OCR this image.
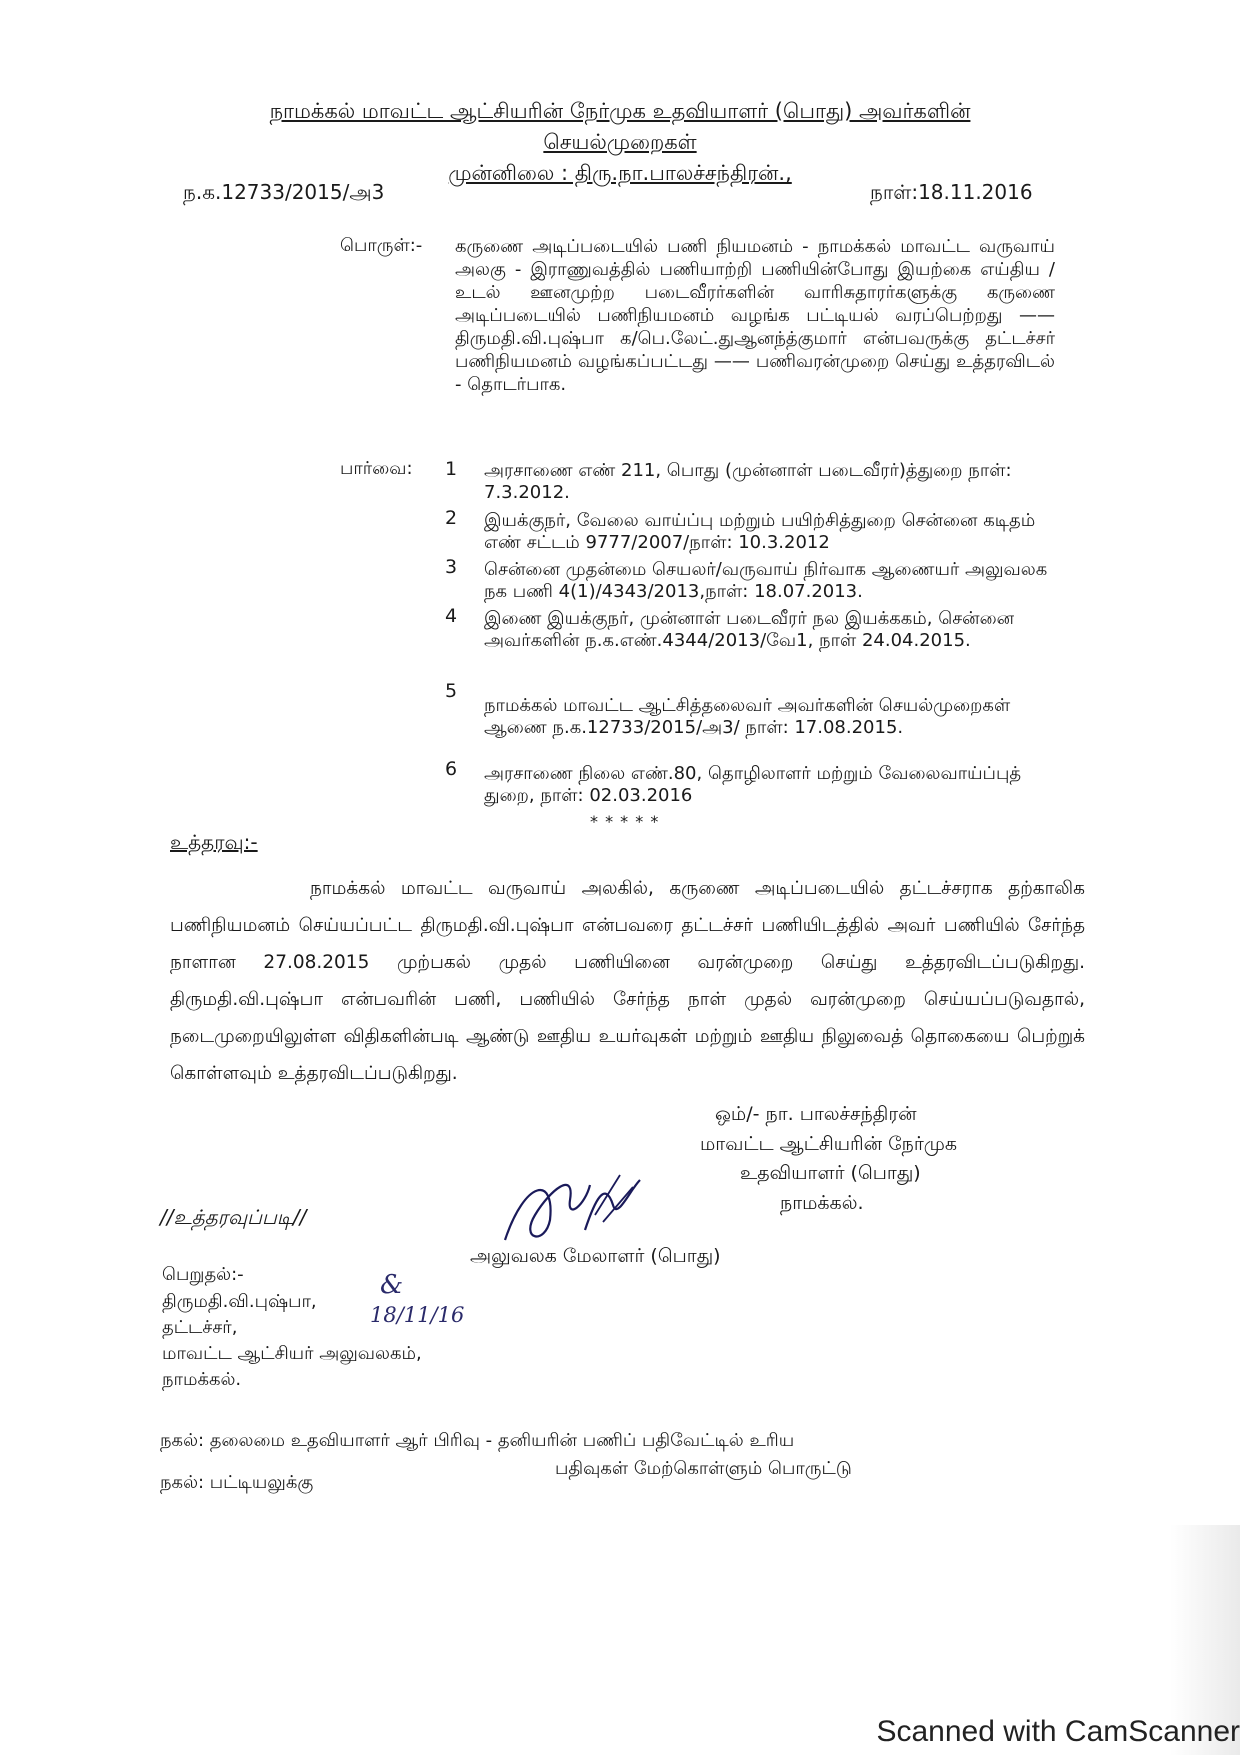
நாமக்கல் மாவட்ட ஆட்சியரின் நேர்முக உதவியாளர் (பொது) அவர்களின்
செயல்முறைகள்
முன்னிலை : திரு.நா.பாலச்சந்திரன்.,
ந.க.12733/2015/அ3	நாள்:18.11.2016
பொருள்:- கருணை அடிப்படையில் பணி நியமனம் - நாமக்கல் மாவட்ட வருவாய் அலகு - இராணுவத்தில் பணியாற்றி பணியின்போது இயற்கை எய்திய / உடல் ஊனமுற்ற படைவீரர்களின் வாரிசுதாரர்களுக்கு கருணை அடிப்படையில் பணிநியமனம் வழங்க பட்டியல் வரப்பெற்றது —— திருமதி.வி.புஷ்பா க/பெ.லேட்.துஆனந்த்குமார் என்பவருக்கு தட்டச்சர் பணிநியமனம் வழங்கப்பட்டது —— பணிவரன்முறை செய்து உத்தரவிடல் - தொடர்பாக.
பார்வை: 1	அரசாணை எண் 211, பொது (முன்னாள் படைவீரர்)த்துறை நாள்: 7.3.2012.
2	இயக்குநர், வேலை வாய்ப்பு மற்றும் பயிற்சித்துறை சென்னை கடிதம் எண் சட்டம் 9777/2007/நாள்: 10.3.2012
3	சென்னை முதன்மை செயலர்/வருவாய் நிர்வாக ஆணையர் அலுவலக நக பணி 4(1)/4343/2013,நாள்: 18.07.2013.
4	இணை இயக்குநர், முன்னாள் படைவீரர் நல இயக்ககம், சென்னை அவர்களின் ந.க.எண்.4344/2013/வே1, நாள் 24.04.2015.
5
நாமக்கல் மாவட்ட ஆட்சித்தலைவர் அவர்களின் செயல்முறைகள் ஆணை ந.க.12733/2015/அ3/ நாள்: 17.08.2015.
6	அரசாணை நிலை எண்.80, தொழிலாளர் மற்றும் வேலைவாய்ப்புத் துறை, நாள்: 02.03.2016
* * * * *
உத்தரவு:-
நாமக்கல் மாவட்ட வருவாய் அலகில், கருணை அடிப்படையில் தட்டச்சராக தற்காலிக பணிநியமனம் செய்யப்பட்ட திருமதி.வி.புஷ்பா என்பவரை தட்டச்சர் பணியிடத்தில் அவர் பணியில் சேர்ந்த நாளான 27.08.2015 முற்பகல் முதல் பணியினை வரன்முறை செய்து உத்தரவிடப்படுகிறது. திருமதி.வி.புஷ்பா என்பவரின் பணி, பணியில் சேர்ந்த நாள் முதல் வரன்முறை செய்யப்படுவதால், நடைமுறையிலுள்ள விதிகளின்படி ஆண்டு ஊதிய உயர்வுகள் மற்றும் ஊதிய நிலுவைத் தொகையை பெற்றுக் கொள்ளவும் உத்தரவிடப்படுகிறது.
ஒம்/- நா. பாலச்சந்திரன்
மாவட்ட ஆட்சியரின் நேர்முக
உதவியாளர் (பொது)
நாமக்கல்.
//உத்தரவுப்படி//
அலுவலக மேலாளர் (பொது)
பெறுதல்:-
திருமதி.வி.புஷ்பா,
தட்டச்சர்,
மாவட்ட ஆட்சியர் அலுவலகம்,
நாமக்கல்.
&
18/11/16
நகல்: தலைமை உதவியாளர் ஆர் பிரிவு - தனியரின் பணிப் பதிவேட்டில் உரிய
பதிவுகள் மேற்கொள்ளும் பொருட்டு
நகல்: பட்டியலுக்கு
Scanned with CamScanner
